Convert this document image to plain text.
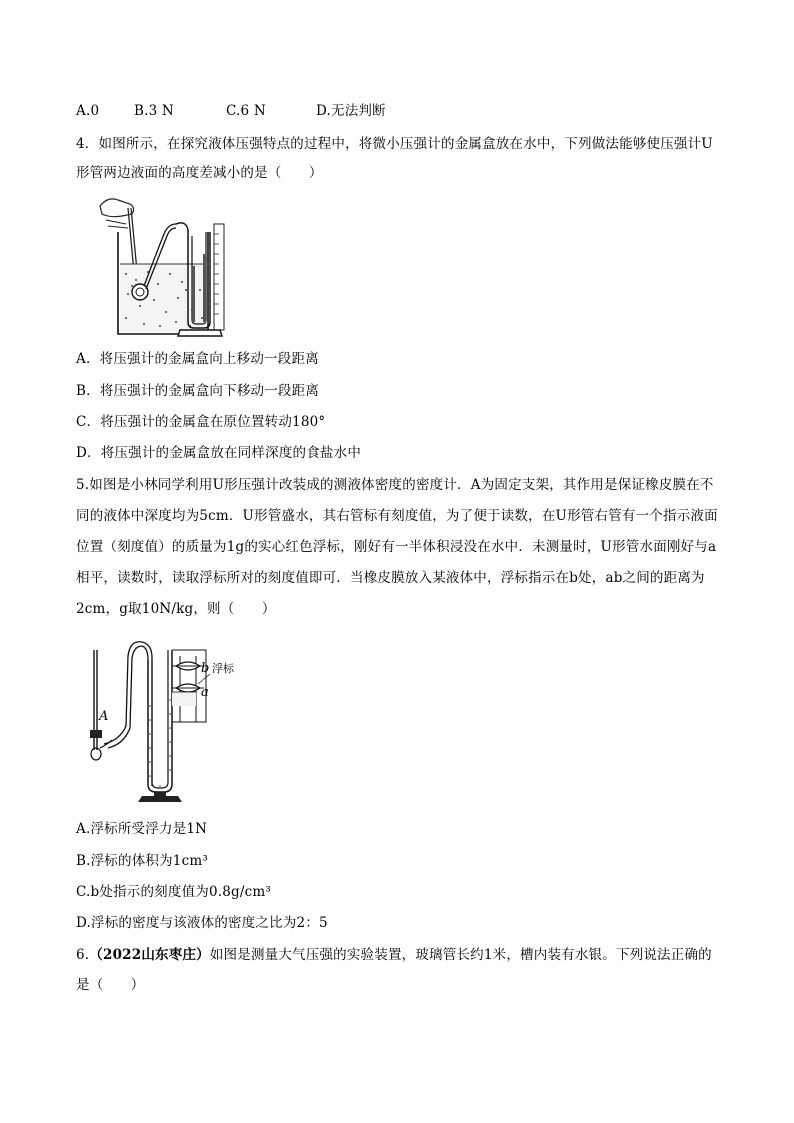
A.0	B.3 N	C.6 N	D.无法判断
4．如图所示，在探究液体压强特点的过程中，将微小压强计的金属盒放在水中，下列做法能够使压强计U
形管两边液面的高度差减小的是（　　）
A．将压强计的金属盒向上移动一段距离
B．将压强计的金属盒向下移动一段距离
C．将压强计的金属盒在原位置转动180°
D．将压强计的金属盒放在同样深度的食盐水中
5.如图是小林同学利用U形压强计改装成的测液体密度的密度计．A为固定支架，其作用是保证橡皮膜在不
同的液体中深度均为5cm．U形管盛水，其右管标有刻度值，为了便于读数，在U形管右管有一个指示液面
位置（刻度值）的质量为1g的实心红色浮标，刚好有一半体积浸没在水中．未测量时，U形管水面刚好与a
相平，读数时，读取浮标所对的刻度值即可．当橡皮膜放入某液体中，浮标指示在b处，ab之间的距离为
2cm，g取10N/kg，则（　　）
A
b 浮标
a
A.浮标所受浮力是1N
B.浮标的体积为1cm³
C.b处指示的刻度值为0.8g/cm³
D.浮标的密度与该液体的密度之比为2：5
6.（2022山东枣庄）如图是测量大气压强的实验装置，玻璃管长约1米，槽内装有水银。下列说法正确的
是（　　）
